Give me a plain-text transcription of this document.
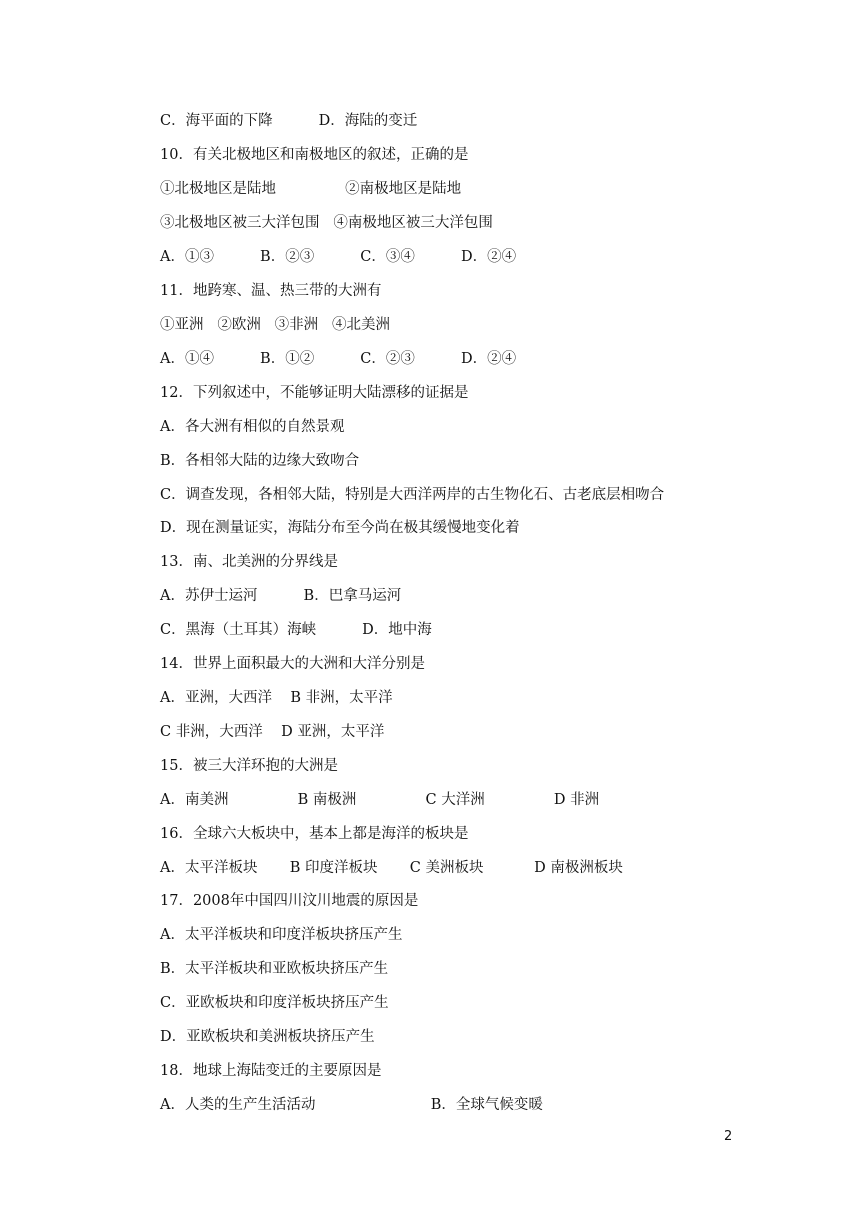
C．海平面的下降          D．海陆的变迁
10．有关北极地区和南极地区的叙述，正确的是
①北极地区是陆地               ②南极地区是陆地
③北极地区被三大洋包围   ④南极地区被三大洋包围
A．①③          B．②③          C．③④          D．②④
11．地跨寒、温、热三带的大洲有
①亚洲   ②欧洲   ③非洲   ④北美洲
A．①④          B．①②          C．②③          D．②④
12．下列叙述中，不能够证明大陆漂移的证据是
A．各大洲有相似的自然景观
B．各相邻大陆的边缘大致吻合
C．调查发现，各相邻大陆，特别是大西洋两岸的古生物化石、古老底层相吻合
D．现在测量证实，海陆分布至今尚在极其缓慢地变化着
13．南、北美洲的分界线是
A．苏伊士运河          B．巴拿马运河
C．黑海（土耳其）海峡          D．地中海
14．世界上面积最大的大洲和大洋分别是
A．亚洲，大西洋    B 非洲，太平洋
C 非洲，大西洋    D 亚洲，太平洋
15．被三大洋环抱的大洲是
A．南美洲               B 南极洲               C 大洋洲               D 非洲
16．全球六大板块中，基本上都是海洋的板块是
A．太平洋板块       B 印度洋板块       C 美洲板块           D 南极洲板块
17．2008年中国四川汶川地震的原因是
A．太平洋板块和印度洋板块挤压产生
B．太平洋板块和亚欧板块挤压产生
C．亚欧板块和印度洋板块挤压产生
D．亚欧板块和美洲板块挤压产生
18．地球上海陆变迁的主要原因是
A．人类的生产生活活动                         B．全球气候变暖
2
